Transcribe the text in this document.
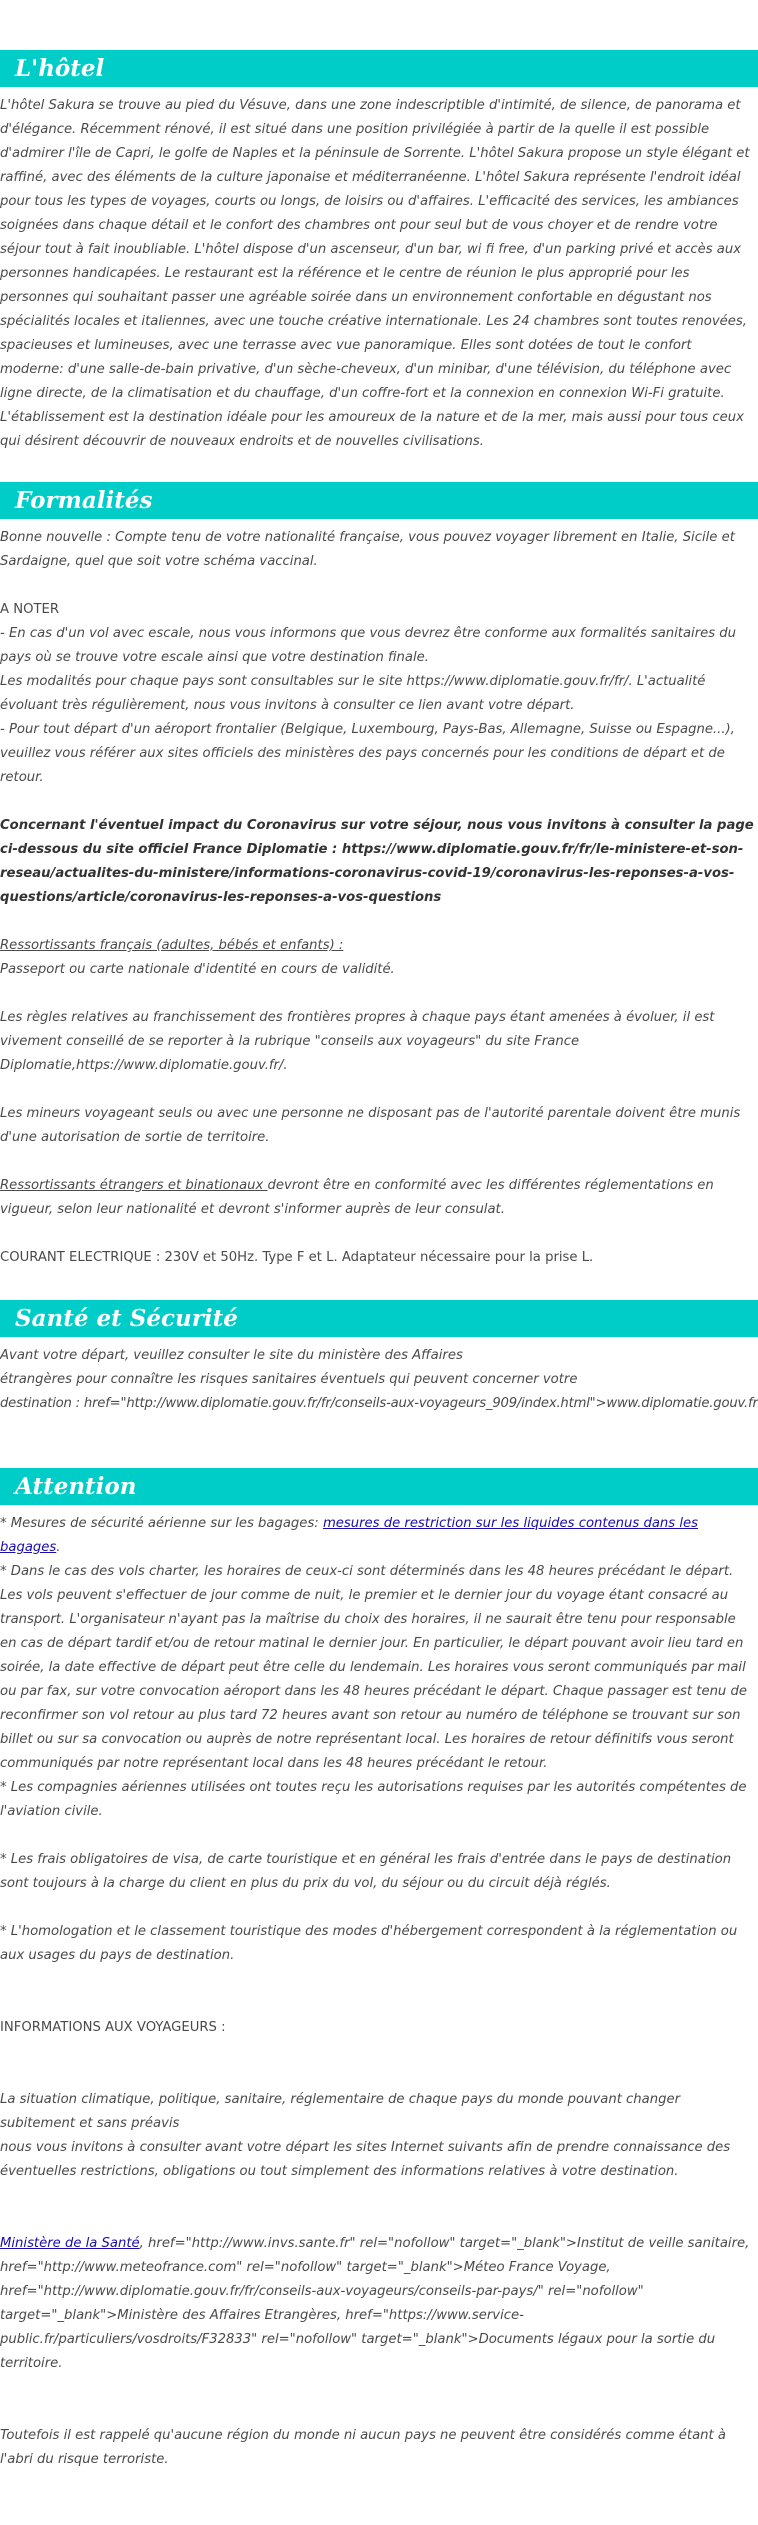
L'hôtel

L'hôtel Sakura se trouve au pied du Vésuve, dans une zone indescriptible d'intimité, de silence, de panorama et d'élégance. Récemment rénové, il est situé dans une position privilégiée à partir de la quelle il est possible d'admirer l'île de Capri, le golfe de Naples et la péninsule de Sorrente. L'hôtel Sakura propose un style élégant et raffiné, avec des éléments de la culture japonaise et méditerranéenne. L'hôtel Sakura représente l'endroit idéal pour tous les types de voyages, courts ou longs, de loisirs ou d'affaires. L'efficacité des services, les ambiances soignées dans chaque détail et le confort des chambres ont pour seul but de vous choyer et de rendre votre séjour tout à fait inoubliable. L'hôtel dispose d'un ascenseur, d'un bar, wi fi free, d'un parking privé et accès aux personnes handicapées. Le restaurant est la référence et le centre de réunion le plus approprié pour les personnes qui souhaitant passer une agréable soirée dans un environnement confortable en dégustant nos spécialités locales et italiennes, avec une touche créative internationale. Les 24 chambres sont toutes renovées, spacieuses et lumineuses, avec une terrasse avec vue panoramique. Elles sont dotées de tout le confort moderne: d'une salle-de-bain privative, d'un sèche-cheveux, d'un minibar, d'une télévision, du téléphone avec ligne directe, de la climatisation et du chauffage, d'un coffre-fort et la connexion en connexion Wi-Fi gratuite. L'établissement est la destination idéale pour les amoureux de la nature et de la mer, mais aussi pour tous ceux qui désirent découvrir de nouveaux endroits et de nouvelles civilisations.

Formalités

Bonne nouvelle : Compte tenu de votre nationalité française, vous pouvez voyager librement en Italie, Sicile et Sardaigne, quel que soit votre schéma vaccinal.

A NOTER

- En cas d'un vol avec escale, nous vous informons que vous devrez être conforme aux formalités sanitaires du pays où se trouve votre escale ainsi que votre destination finale.

Les modalités pour chaque pays sont consultables sur le site https://www.diplomatie.gouv.fr/fr/. L'actualité évoluant très régulièrement, nous vous invitons à consulter ce lien avant votre départ.

- Pour tout départ d'un aéroport frontalier (Belgique, Luxembourg, Pays-Bas, Allemagne, Suisse ou Espagne...), veuillez vous référer aux sites officiels des ministères des pays concernés pour les conditions de départ et de retour.

Concernant l'éventuel impact du Coronavirus sur votre séjour, nous vous invitons à consulter la page ci-dessous du site officiel France Diplomatie : https://www.diplomatie.gouv.fr/fr/le-ministere-et-son-reseau/actualites-du-ministere/informations-coronavirus-covid-19/coronavirus-les-reponses-a-vos-questions/article/coronavirus-les-reponses-a-vos-questions

Ressortissants français (adultes, bébés et enfants) :

Passeport ou carte nationale d'identité en cours de validité.

Les règles relatives au franchissement des frontières propres à chaque pays étant amenées à évoluer, il est vivement conseillé de se reporter à la rubrique "conseils aux voyageurs" du site France Diplomatie,https://www.diplomatie.gouv.fr/.

Les mineurs voyageant seuls ou avec une personne ne disposant pas de l'autorité parentale doivent être munis d'une autorisation de sortie de territoire.

Ressortissants étrangers et binationaux devront être en conformité avec les différentes réglementations en vigueur, selon leur nationalité et devront s'informer auprès de leur consulat.

COURANT ELECTRIQUE : 230V et 50Hz. Type F et L. Adaptateur nécessaire pour la prise L.

Santé et Sécurité

Avant votre départ, veuillez consulter le site du ministère des Affaires

étrangères pour connaître les risques sanitaires éventuels qui peuvent concerner votre

destination : href="http://www.diplomatie.gouv.fr/fr/conseils-aux-voyageurs_909/index.html">www.diplomatie.gouv.fr

Attention

* Mesures de sécurité aérienne sur les bagages: mesures de restriction sur les liquides contenus dans les bagages.

* Dans le cas des vols charter, les horaires de ceux-ci sont déterminés dans les 48 heures précédant le départ. Les vols peuvent s'effectuer de jour comme de nuit, le premier et le dernier jour du voyage étant consacré au transport. L'organisateur n'ayant pas la maîtrise du choix des horaires, il ne saurait être tenu pour responsable en cas de départ tardif et/ou de retour matinal le dernier jour. En particulier, le départ pouvant avoir lieu tard en soirée, la date effective de départ peut être celle du lendemain. Les horaires vous seront communiqués par mail ou par fax, sur votre convocation aéroport dans les 48 heures précédant le départ. Chaque passager est tenu de reconfirmer son vol retour au plus tard 72 heures avant son retour au numéro de téléphone se trouvant sur son billet ou sur sa convocation ou auprès de notre représentant local. Les horaires de retour définitifs vous seront communiqués par notre représentant local dans les 48 heures précédant le retour.

* Les compagnies aériennes utilisées ont toutes reçu les autorisations requises par les autorités compétentes de l'aviation civile.

* Les frais obligatoires de visa, de carte touristique et en général les frais d'entrée dans le pays de destination sont toujours à la charge du client en plus du prix du vol, du séjour ou du circuit déjà réglés.

* L'homologation et le classement touristique des modes d'hébergement correspondent à la réglementation ou aux usages du pays de destination.

INFORMATIONS AUX VOYAGEURS :

La situation climatique, politique, sanitaire, réglementaire de chaque pays du monde pouvant changer subitement et sans préavis

nous vous invitons à consulter avant votre départ les sites Internet suivants afin de prendre connaissance des éventuelles restrictions, obligations ou tout simplement des informations relatives à votre destination.

Ministère de la Santé, href="http://www.invs.sante.fr" rel="nofollow" target="_blank">Institut de veille sanitaire, href="http://www.meteofrance.com" rel="nofollow" target="_blank">Méteo France Voyage, href="http://www.diplomatie.gouv.fr/fr/conseils-aux-voyageurs/conseils-par-pays/" rel="nofollow" target="_blank">Ministère des Affaires Etrangères, href="https://www.service-public.fr/particuliers/vosdroits/F32833" rel="nofollow" target="_blank">Documents légaux pour la sortie du territoire.

Toutefois il est rappelé qu'aucune région du monde ni aucun pays ne peuvent être considérés comme étant à l'abri du risque terroriste.
